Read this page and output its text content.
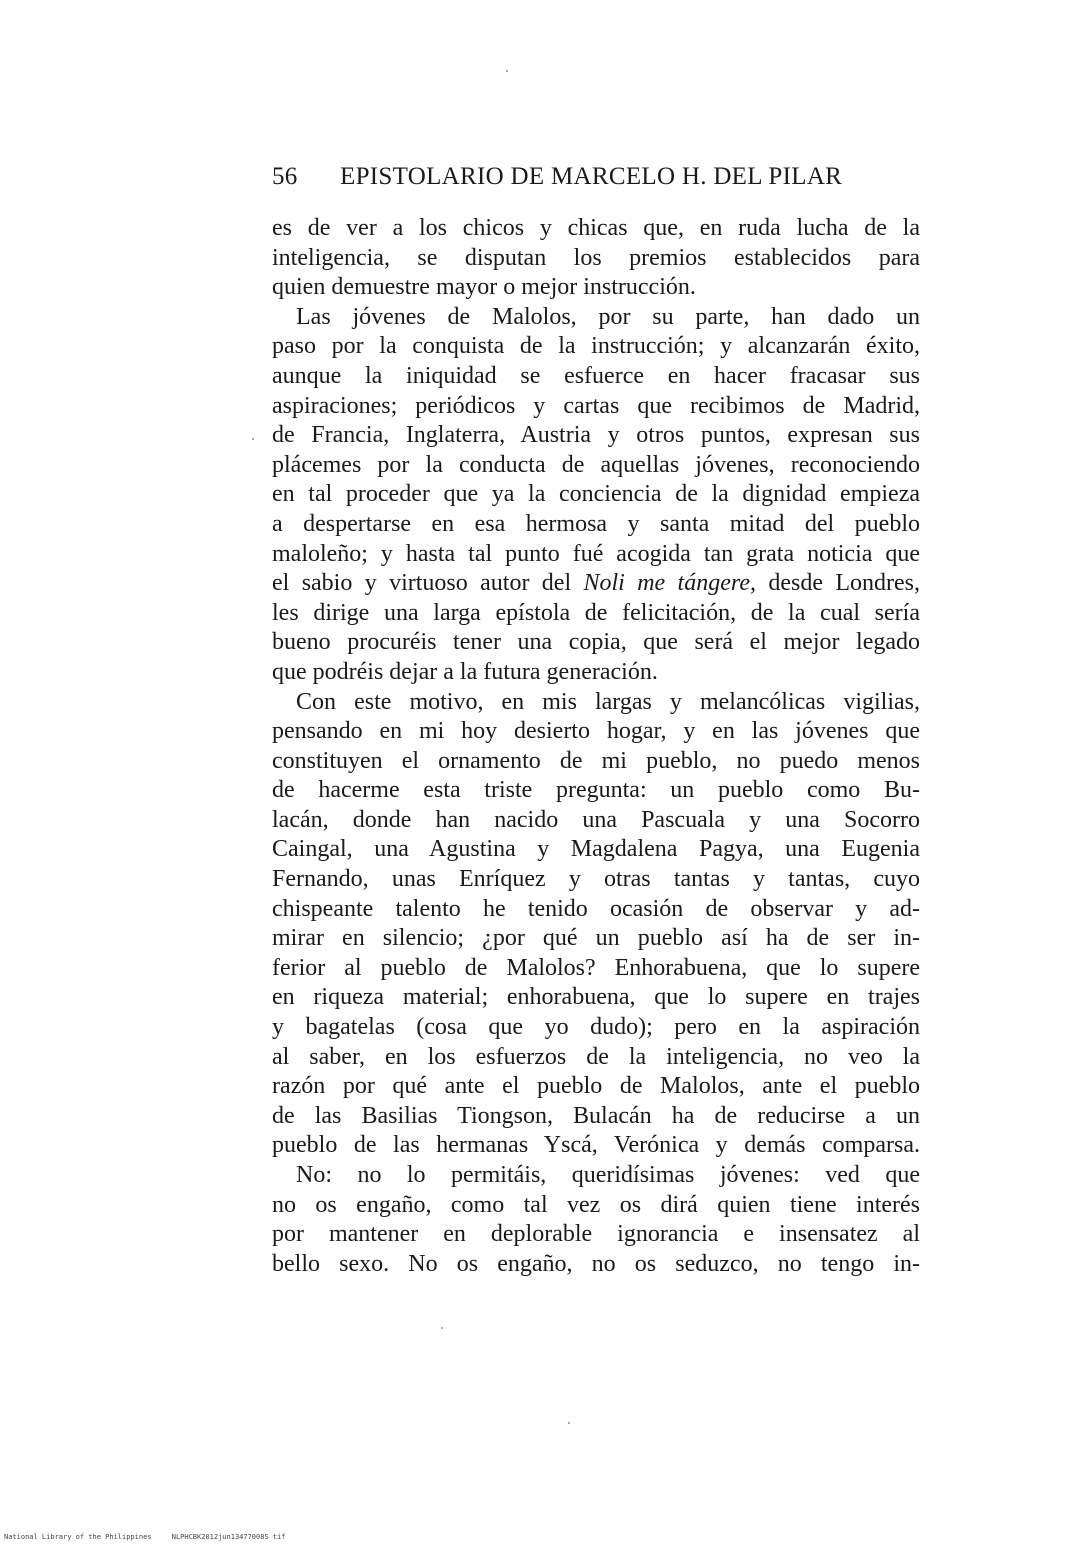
56	EPISTOLARIO DE MARCELO H. DEL PILAR
es de ver a los chicos y chicas que, en ruda lucha de la
inteligencia, se disputan los premios establecidos para
quien demuestre mayor o mejor instrucción.
Las jóvenes de Malolos, por su parte, han dado un
paso por la conquista de la instrucción; y alcanzarán éxito,
aunque la iniquidad se esfuerce en hacer fracasar sus
aspiraciones; periódicos y cartas que recibimos de Madrid,
de Francia, Inglaterra, Austria y otros puntos, expresan sus
plácemes por la conducta de aquellas jóvenes, reconociendo
en tal proceder que ya la conciencia de la dignidad empieza
a despertarse en esa hermosa y santa mitad del pueblo
maloleño; y hasta tal punto fué acogida tan grata noticia que
el sabio y virtuoso autor del Noli me tángere, desde Londres,
les dirige una larga epístola de felicitación, de la cual sería
bueno procuréis tener una copia, que será el mejor legado
que podréis dejar a la futura generación.
Con este motivo, en mis largas y melancólicas vigilias,
pensando en mi hoy desierto hogar, y en las jóvenes que
constituyen el ornamento de mi pueblo, no puedo menos
de hacerme esta triste pregunta: un pueblo como Bu-
lacán, donde han nacido una Pascuala y una Socorro
Caingal, una Agustina y Magdalena Pagya, una Eugenia
Fernando, unas Enríquez y otras tantas y tantas, cuyo
chispeante talento he tenido ocasión de observar y ad-
mirar en silencio; ¿por qué un pueblo así ha de ser in-
ferior al pueblo de Malolos? Enhorabuena, que lo supere
en riqueza material; enhorabuena, que lo supere en trajes
y bagatelas (cosa que yo dudo); pero en la aspiración
al saber, en los esfuerzos de la inteligencia, no veo la
razón por qué ante el pueblo de Malolos, ante el pueblo
de las Basilias Tiongson, Bulacán ha de reducirse a un
pueblo de las hermanas Yscá, Verónica y demás comparsa.
No: no lo permitáis, queridísimas jóvenes: ved que
no os engaño, como tal vez os dirá quien tiene interés
por mantener en deplorable ignorancia e insensatez al
bello sexo. No os engaño, no os seduzco, no tengo in-
National Library of the Philippines	NLPHCBK2012jun13477008S tif
